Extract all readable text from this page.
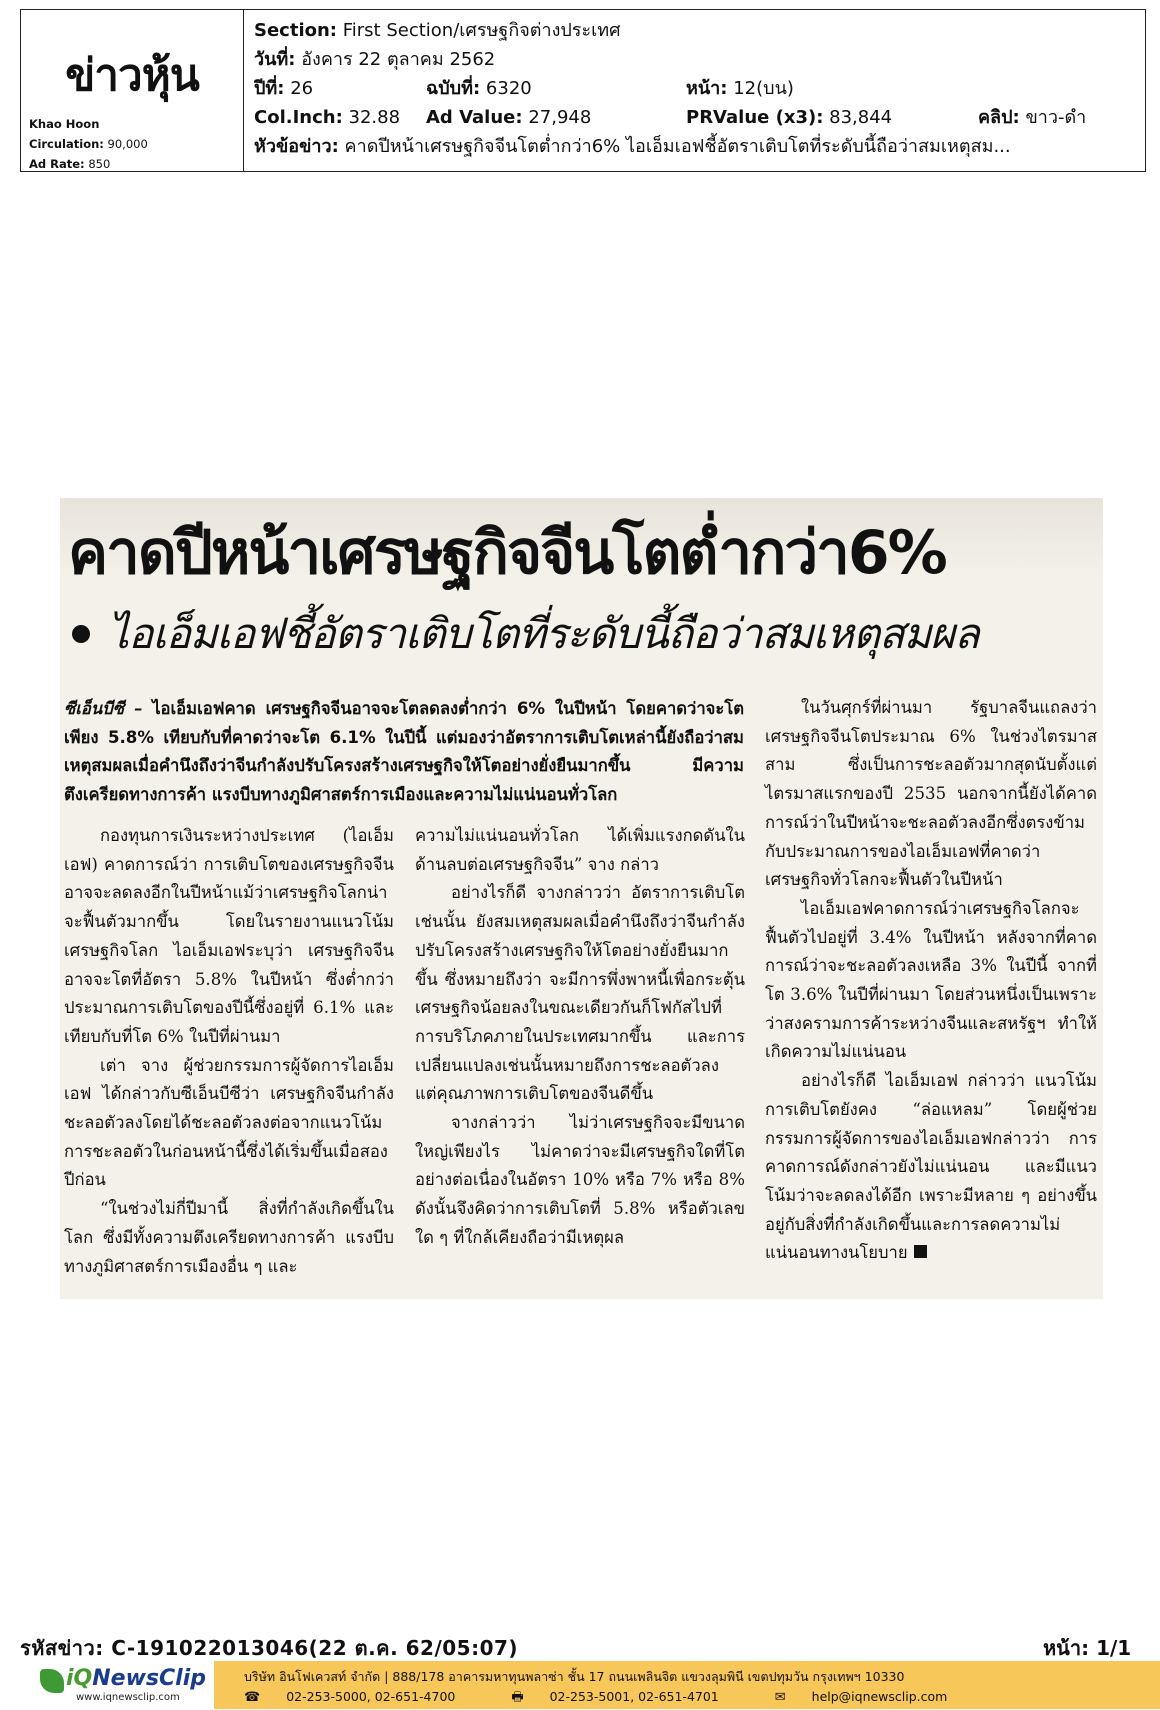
ข่าวหุ้น
Khao Hoon
Circulation: 90,000
Ad Rate: 850
Section: First Section/เศรษฐกิจต่างประเทศ
วันที่: อังคาร 22 ตุลาคม 2562
ปีที่: 26	ฉบับที่: 6320	หน้า: 12(บน)
Col.Inch: 32.88 Ad Value: 27,948	PRValue (x3): 83,844	คลิป: ขาว-ดำ
หัวข้อข่าว: คาดปีหน้าเศรษฐกิจจีนโตต่ำกว่า6% ไอเอ็มเอฟชี้อัตราเติบโตที่ระดับนี้ถือว่าสมเหตุสม...
คาดปีหน้าเศรษฐกิจจีนโตต่ำกว่า6%
ไอเอ็มเอฟชี้อัตราเติบโตที่ระดับนี้ถือว่าสมเหตุสมผล
ซีเอ็นบีซี – ไอเอ็มเอฟคาด เศรษฐกิจจีนอาจจะโตลดลงต่ำกว่า 6% ในปีหน้า โดยคาดว่าจะโตเพียง 5.8% เทียบกับที่คาดว่าจะโต 6.1% ในปีนี้ แต่มองว่าอัตราการเติบโตเหล่านี้ยังถือว่าสมเหตุสมผลเมื่อคำนึงถึงว่าจีนกำลังปรับโครงสร้างเศรษฐกิจให้โตอย่างยั่งยืนมากขึ้น มีความตึงเครียดทางการค้า แรงบีบทางภูมิศาสตร์การเมืองและความไม่แน่นอนทั่วโลก

กองทุนการเงินระหว่างประเทศ (ไอเอ็มเอฟ) คาดการณ์ว่า การเติบโตของเศรษฐกิจจีนอาจจะลดลงอีกในปีหน้าแม้ว่าเศรษฐกิจโลกน่าจะฟื้นตัวมากขึ้น โดยในรายงานแนวโน้มเศรษฐกิจโลก ไอเอ็มเอฟระบุว่า เศรษฐกิจจีนอาจจะโตที่อัตรา 5.8% ในปีหน้า ซึ่งต่ำกว่าประมาณการเติบโตของปีนี้ซึ่งอยู่ที่ 6.1% และเทียบกับที่โต 6% ในปีที่ผ่านมา

เต่า จาง ผู้ช่วยกรรมการผู้จัดการไอเอ็มเอฟ ได้กล่าวกับซีเอ็นบีซีว่า เศรษฐกิจจีนกำลังชะลอตัวลงโดยได้ชะลอตัวลงต่อจากแนวโน้มการชะลอตัวในก่อนหน้านี้ซึ่งได้เริ่มขึ้นเมื่อสองปีก่อน

“ในช่วงไม่กี่ปีมานี้ สิ่งที่กำลังเกิดขึ้นในโลก ซึ่งมีทั้งความตึงเครียดทางการค้า แรงบีบทางภูมิศาสตร์การเมืองอื่น ๆ และ

ความไม่แน่นอนทั่วโลก ได้เพิ่มแรงกดดันในด้านลบต่อเศรษฐกิจจีน” จาง กล่าว

อย่างไรก็ดี จางกล่าวว่า อัตราการเติบโตเช่นนั้น ยังสมเหตุสมผลเมื่อคำนึงถึงว่าจีนกำลังปรับโครงสร้างเศรษฐกิจให้โตอย่างยั่งยืนมากขึ้น ซึ่งหมายถึงว่า จะมีการพึ่งพาหนี้เพื่อกระตุ้นเศรษฐกิจน้อยลงในขณะเดียวกันก็โฟกัสไปที่การบริโภคภายในประเทศมากขึ้น และการเปลี่ยนแปลงเช่นนั้นหมายถึงการชะลอตัวลง แต่คุณภาพการเติบโตของจีนดีขึ้น

จางกล่าวว่า ไม่ว่าเศรษฐกิจจะมีขนาดใหญ่เพียงไร ไม่คาดว่าจะมีเศรษฐกิจใดที่โตอย่างต่อเนื่องในอัตรา 10% หรือ 7% หรือ 8% ดังนั้นจึงคิดว่าการเติบโตที่ 5.8% หรือตัวเลขใด ๆ ที่ใกล้เคียงถือว่ามีเหตุผล

ในวันศุกร์ที่ผ่านมา รัฐบาลจีนแถลงว่า เศรษฐกิจจีนโตประมาณ 6% ในช่วงไตรมาสสาม ซึ่งเป็นการชะลอตัวมากสุดนับตั้งแต่ไตรมาสแรกของปี 2535 นอกจากนี้ยังได้คาดการณ์ว่าในปีหน้าจะชะลอตัวลงอีกซึ่งตรงข้ามกับประมาณการของไอเอ็มเอฟที่คาดว่าเศรษฐกิจทั่วโลกจะฟื้นตัวในปีหน้า

ไอเอ็มเอฟคาดการณ์ว่าเศรษฐกิจโลกจะฟื้นตัวไปอยู่ที่ 3.4% ในปีหน้า หลังจากที่คาดการณ์ว่าจะชะลอตัวลงเหลือ 3% ในปีนี้ จากที่โต 3.6% ในปีที่ผ่านมา โดยส่วนหนึ่งเป็นเพราะว่าสงครามการค้าระหว่างจีนและสหรัฐฯ ทำให้เกิดความไม่แน่นอน

อย่างไรก็ดี ไอเอ็มเอฟ กล่าวว่า แนวโน้มการเติบโตยังคง “ล่อแหลม” โดยผู้ช่วยกรรมการผู้จัดการของไอเอ็มเอฟกล่าวว่า การคาดการณ์ดังกล่าวยังไม่แน่นอน และมีแนวโน้มว่าจะลดลงได้อีก เพราะมีหลาย ๆ อย่างขึ้นอยู่กับสิ่งที่กำลังเกิดขึ้นและการลดความไม่แน่นอนทางนโยบาย

รหัสข่าว: C-191022013046(22 ต.ค. 62/05:07)	หน้า: 1/1
iQNewsClip
www.iqnewsclip.com
บริษัท อินโฟเควสท์ จำกัด | 888/178 อาคารมหาทุนพลาซ่า ชั้น 17 ถนนเพลินจิต แขวงลุมพินี เขตปทุมวัน กรุงเทพฯ 10330
☎ 02-253-5000, 02-651-4700	🖶 02-253-5001, 02-651-4701	✉ help@iqnewsclip.com
